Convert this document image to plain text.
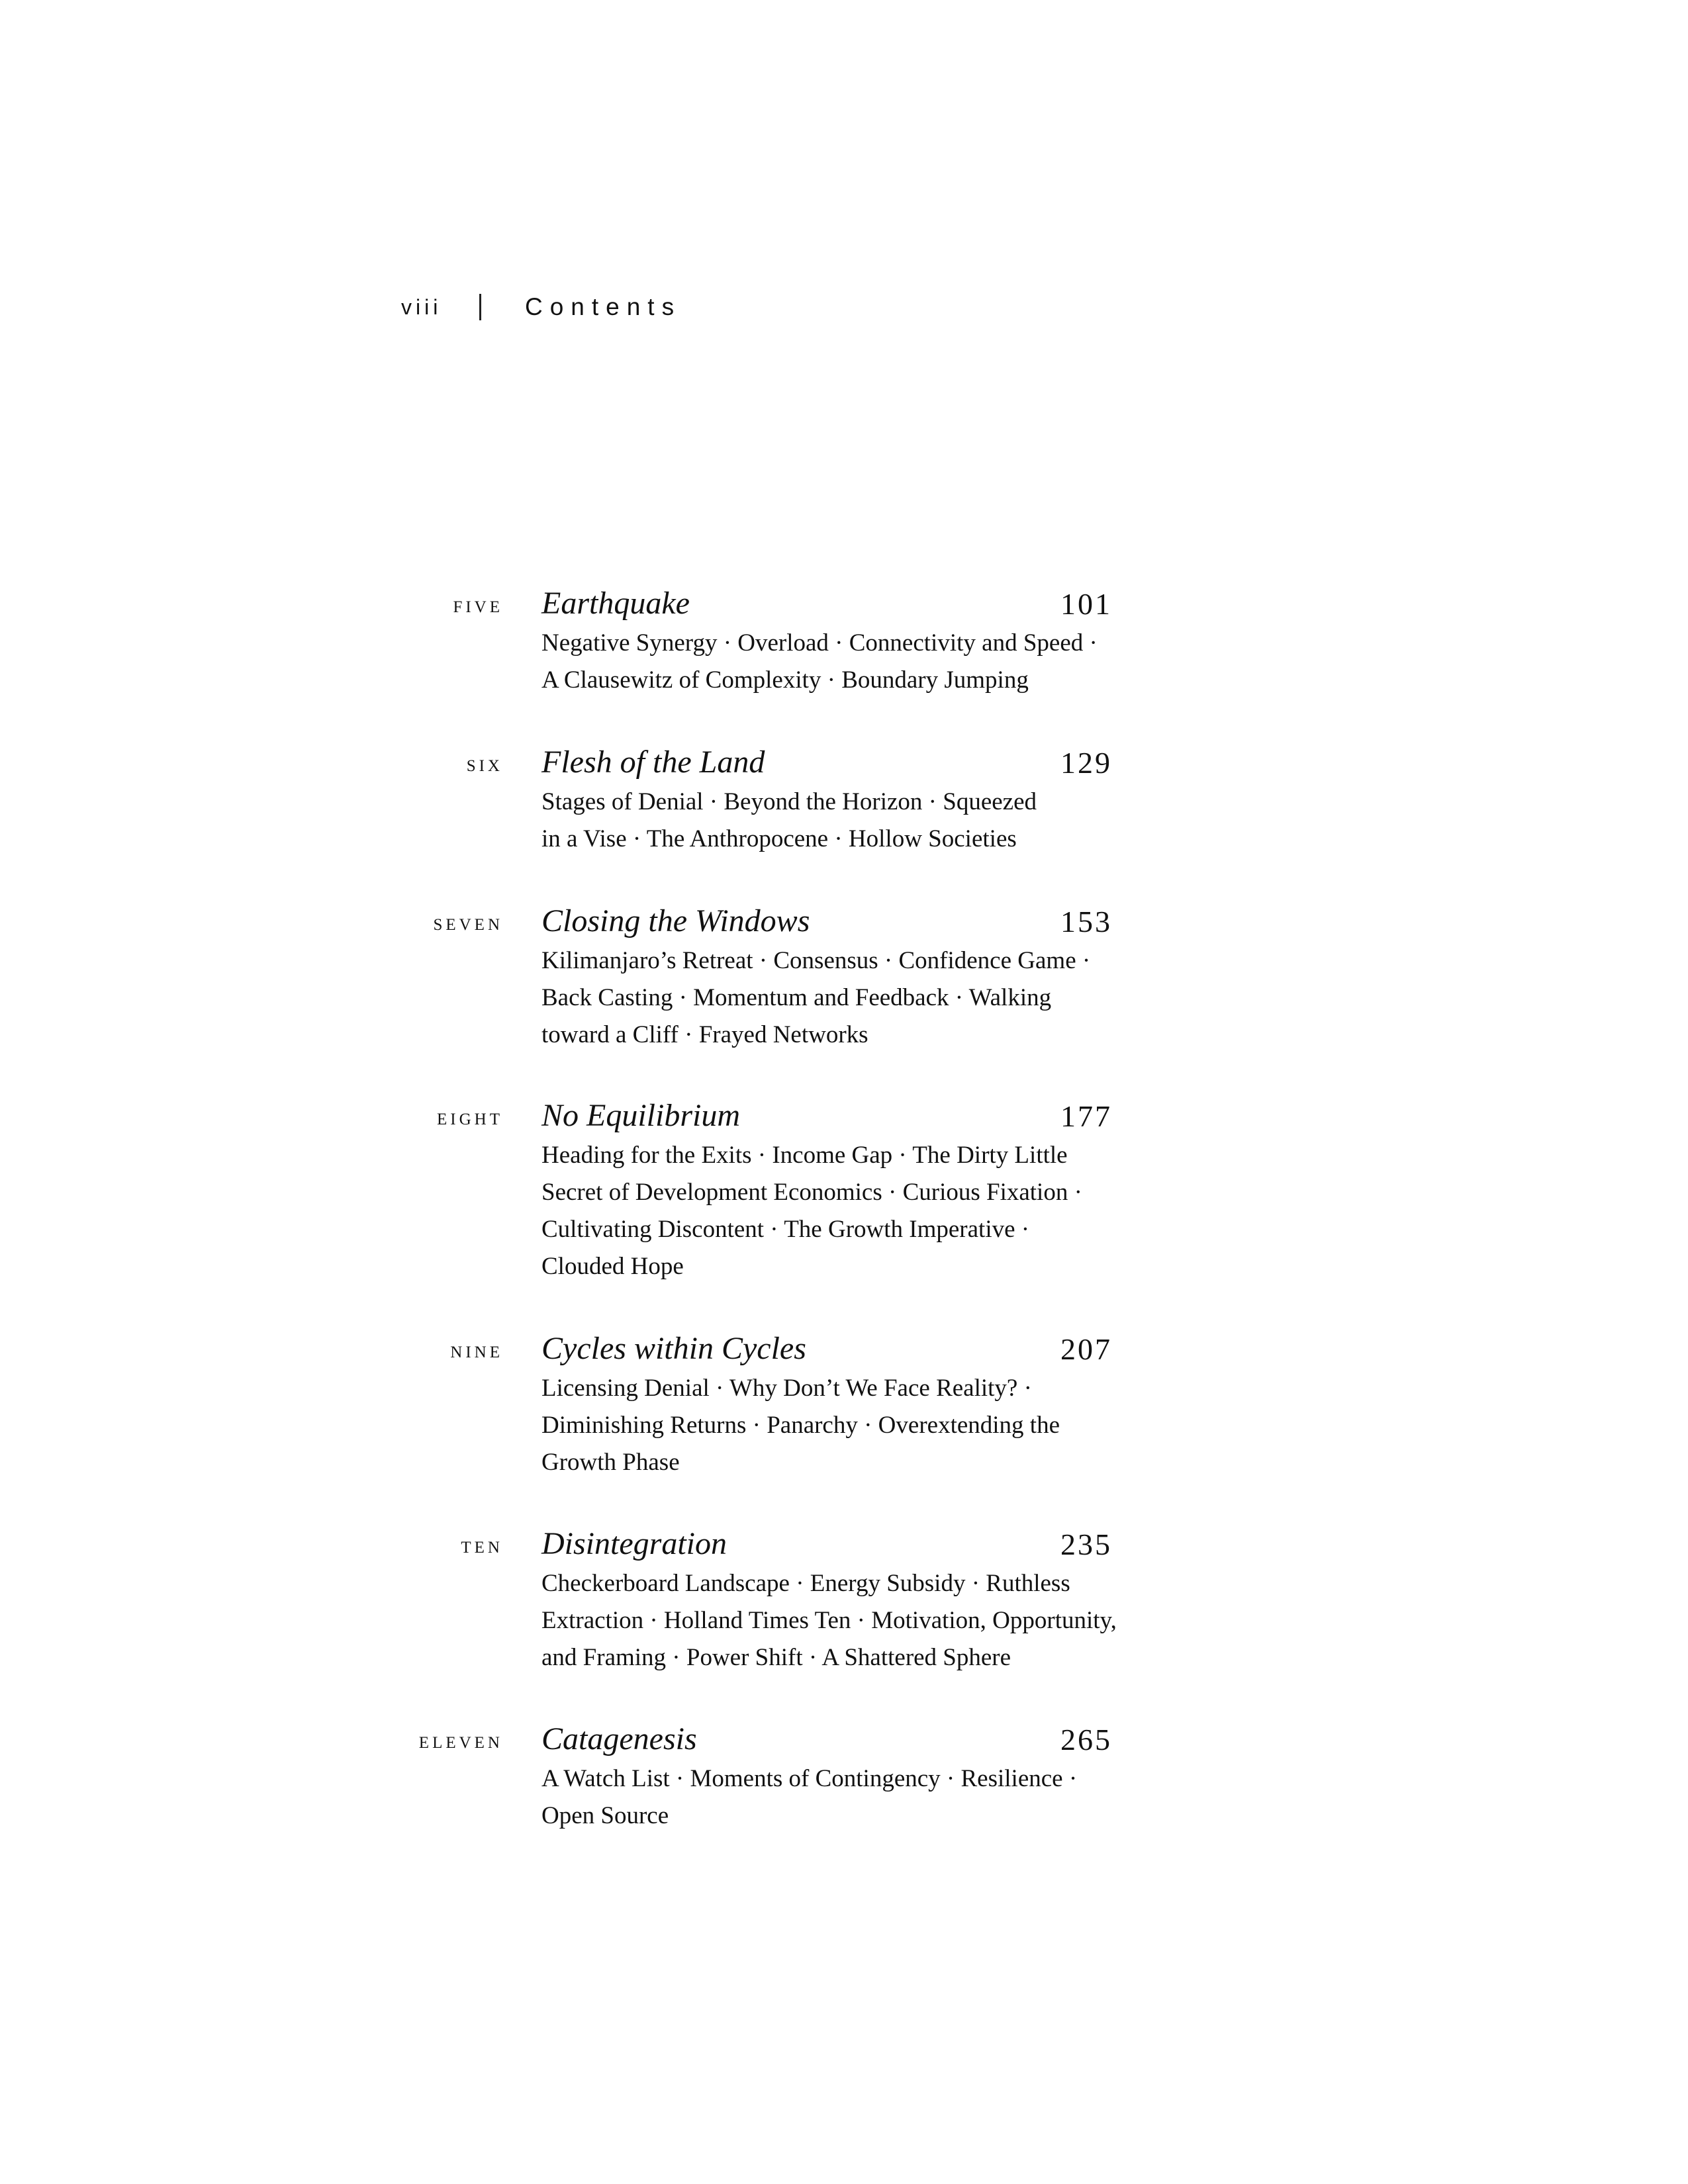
viii	Contents
five Earthquake	101
Negative Synergy · Overload · Connectivity and Speed ·
A Clausewitz of Complexity · Boundary Jumping
six Flesh of the Land	129
Stages of Denial · Beyond the Horizon · Squeezed
in a Vise · The Anthropocene · Hollow Societies
seven Closing the Windows	153
Kilimanjaro’s Retreat · Consensus · Confidence Game ·
Back Casting · Momentum and Feedback · Walking
toward a Cliff · Frayed Networks
eight No Equilibrium	177
Heading for the Exits · Income Gap · The Dirty Little
Secret of Development Economics · Curious Fixation ·
Cultivating Discontent · The Growth Imperative ·
Clouded Hope
nine Cycles within Cycles	207
Licensing Denial · Why Don’t We Face Reality? ·
Diminishing Returns · Panarchy · Overextending the
Growth Phase
ten Disintegration	235
Checkerboard Landscape · Energy Subsidy · Ruthless
Extraction · Holland Times Ten · Motivation, Opportunity,
and Framing · Power Shift · A Shattered Sphere
eleven Catagenesis	265
A Watch List · Moments of Contingency · Resilience ·
Open Source
